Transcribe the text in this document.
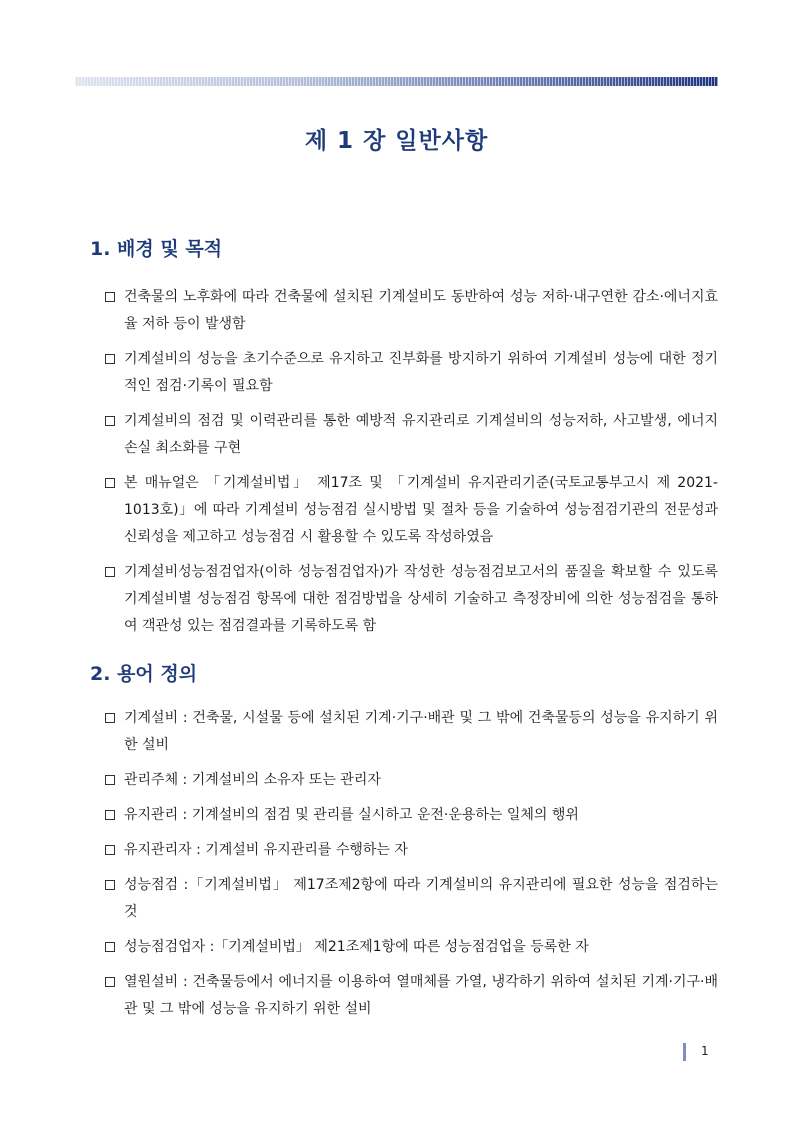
제 1 장 일반사항
1. 배경 및 목적
건축물의 노후화에 따라 건축물에 설치된 기계설비도 동반하여 성능 저하·내구연한 감소·에너지효율 저하 등이 발생함
기계설비의 성능을 초기수준으로 유지하고 진부화를 방지하기 위하여 기계설비 성능에 대한 정기적인 점검·기록이 필요함
기계설비의 점검 및 이력관리를 통한 예방적 유지관리로 기계설비의 성능저하, 사고발생, 에너지 손실 최소화를 구현
본 매뉴얼은 「기계설비법」 제17조 및 「기계설비 유지관리기준(국토교통부고시 제 2021-1013호)」에 따라 기계설비 성능점검 실시방법 및 절차 등을 기술하여 성능점검기관의 전문성과 신뢰성을 제고하고 성능점검 시 활용할 수 있도록 작성하였음
기계설비성능점검업자(이하 성능점검업자)가 작성한 성능점검보고서의 품질을 확보할 수 있도록 기계설비별 성능점검 항목에 대한 점검방법을 상세히 기술하고 측정장비에 의한 성능점검을 통하여 객관성 있는 점검결과를 기록하도록 함
2. 용어 정의
기계설비 : 건축물, 시설물 등에 설치된 기계·기구·배관 및 그 밖에 건축물등의 성능을 유지하기 위한 설비
관리주체 : 기계설비의 소유자 또는 관리자
유지관리 : 기계설비의 점검 및 관리를 실시하고 운전·운용하는 일체의 행위
유지관리자 : 기계설비 유지관리를 수행하는 자
성능점검 :「기계설비법」 제17조제2항에 따라 기계설비의 유지관리에 필요한 성능을 점검하는 것
성능점검업자 :「기계설비법」 제21조제1항에 따른 성능점검업을 등록한 자
열원설비 : 건축물등에서 에너지를 이용하여 열매체를 가열, 냉각하기 위하여 설치된 기계·기구·배관 및 그 밖에 성능을 유지하기 위한 설비
1
